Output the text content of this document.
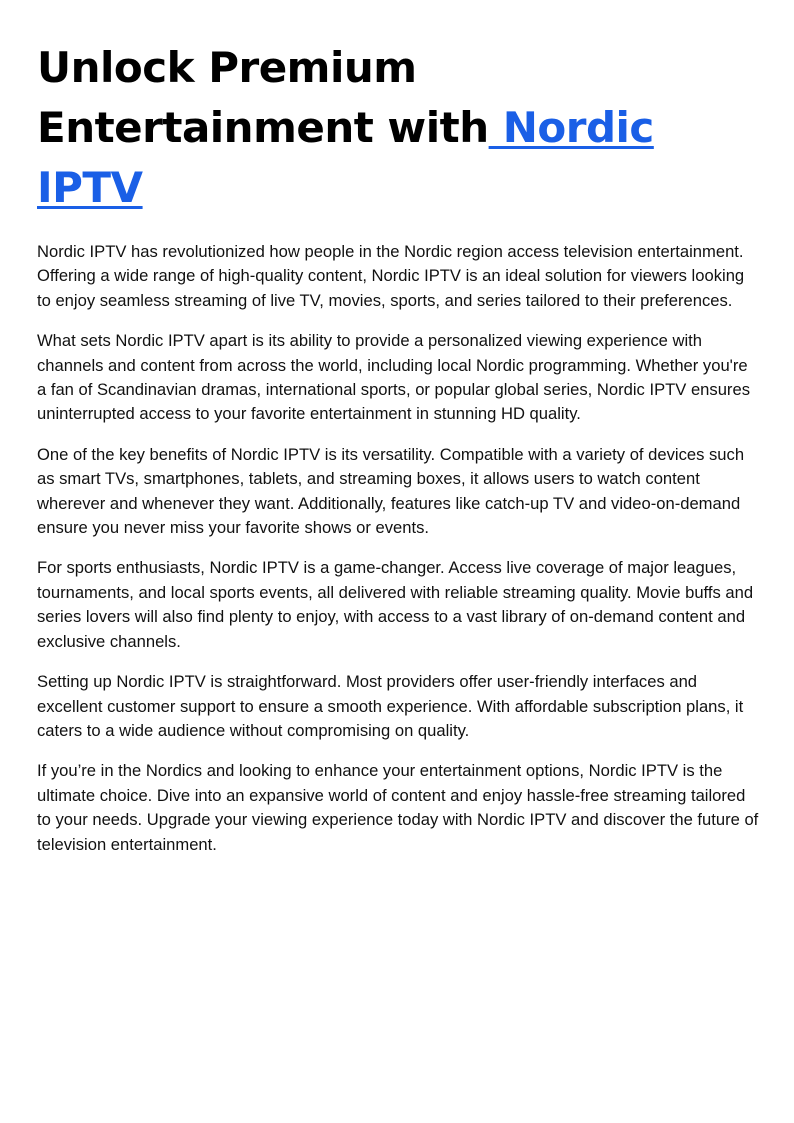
Unlock Premium Entertainment with Nordic IPTV

Nordic IPTV has revolutionized how people in the Nordic region access television entertainment. Offering a wide range of high-quality content, Nordic IPTV is an ideal solution for viewers looking to enjoy seamless streaming of live TV, movies, sports, and series tailored to their preferences.

What sets Nordic IPTV apart is its ability to provide a personalized viewing experience with channels and content from across the world, including local Nordic programming. Whether you're a fan of Scandinavian dramas, international sports, or popular global series, Nordic IPTV ensures uninterrupted access to your favorite entertainment in stunning HD quality.

One of the key benefits of Nordic IPTV is its versatility. Compatible with a variety of devices such as smart TVs, smartphones, tablets, and streaming boxes, it allows users to watch content wherever and whenever they want. Additionally, features like catch-up TV and video-on-demand ensure you never miss your favorite shows or events.

For sports enthusiasts, Nordic IPTV is a game-changer. Access live coverage of major leagues, tournaments, and local sports events, all delivered with reliable streaming quality. Movie buffs and series lovers will also find plenty to enjoy, with access to a vast library of on-demand content and exclusive channels.

Setting up Nordic IPTV is straightforward. Most providers offer user-friendly interfaces and excellent customer support to ensure a smooth experience. With affordable subscription plans, it caters to a wide audience without compromising on quality.

If you’re in the Nordics and looking to enhance your entertainment options, Nordic IPTV is the ultimate choice. Dive into an expansive world of content and enjoy hassle-free streaming tailored to your needs. Upgrade your viewing experience today with Nordic IPTV and discover the future of television entertainment.
